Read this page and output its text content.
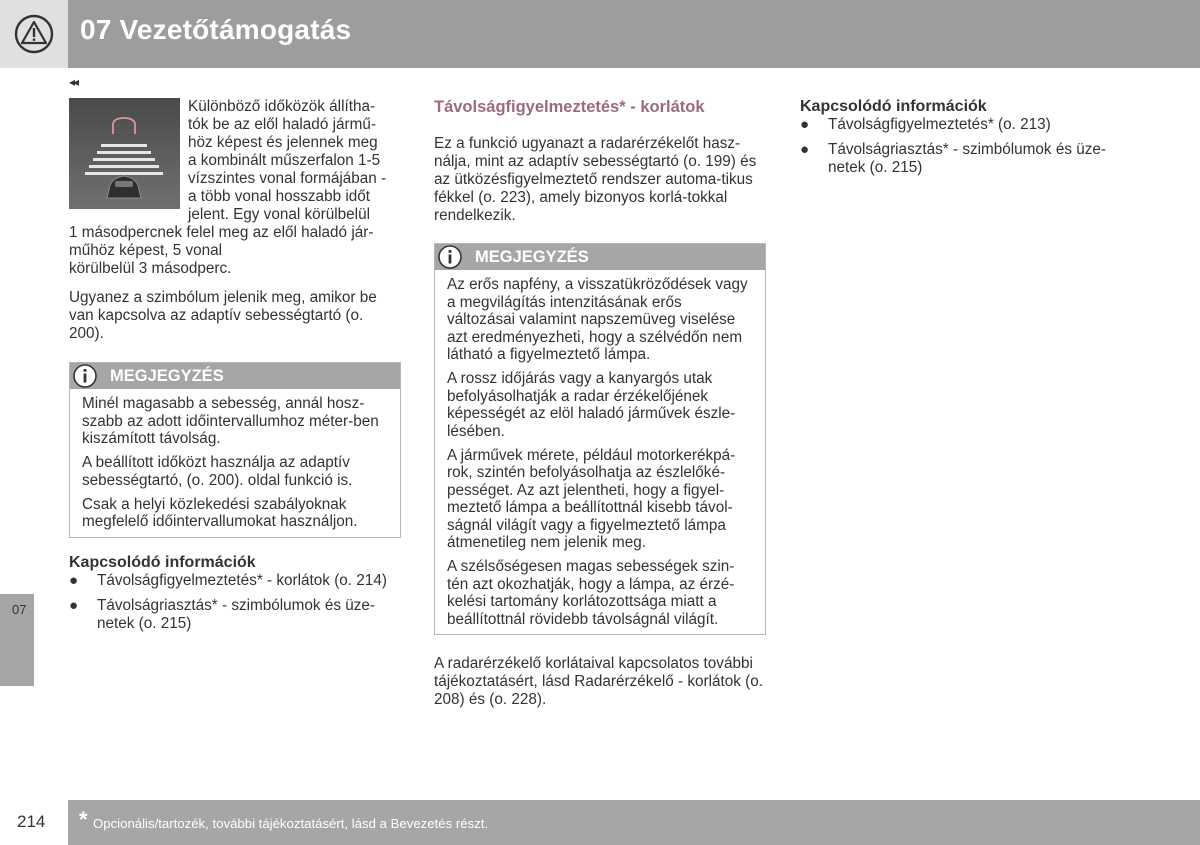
07 Vezetőtámogatás
◂◂
Különböző időközök állítha-
tók be az elől haladó jármű-
höz képest és jelennek meg
a kombinált műszerfalon 1-5
vízszintes vonal formájában -
a több vonal hosszabb időt
jelent. Egy vonal körülbelül
1 másodpercnek felel meg az elől haladó jár-
műhöz képest, 5 vonal
körülbelül 3 másodperc.

Ugyanez a szimbólum jelenik meg, amikor be van kapcsolva az adaptív sebességtartó (o. 200).

MEGJEGYZÉS

Minél magasabb a sebesség, annál hosz-szabb az adott időintervallumhoz méter-ben kiszámított távolság.

A beállított időközt használja az adaptív sebességtartó, (o. 200). oldal funkció is.

Csak a helyi közlekedési szabályoknak megfelelő időintervallumokat használjon.

Kapcsolódó információk

● Távolságfigyelmeztetés* - korlátok (o. 214)
● Távolságriasztás* - szimbólumok és üze-netek (o. 215)

Távolságfigyelmeztetés* - korlátok

Ez a funkció ugyanazt a radarérzékelőt hasz-nálja, mint az adaptív sebességtartó (o. 199) és az ütközésfigyelmeztető rendszer automa-tikus fékkel (o. 223), amely bizonyos korlá-tokkal rendelkezik.

MEGJEGYZÉS

Az erős napfény, a visszatükröződések vagy a megvilágítás intenzitásának erős változásai valamint napszemüveg viselése azt eredményezheti, hogy a szélvédőn nem látható a figyelmeztető lámpa.

A rossz időjárás vagy a kanyargós utak befolyásolhatják a radar érzékelőjének képességét az elöl haladó járművek észle-lésében.

A járművek mérete, például motorkerékpá-rok, szintén befolyásolhatja az észlelőké-pességet. Az azt jelentheti, hogy a figyel-meztető lámpa a beállítottnál kisebb távol-ságnál világít vagy a figyelmeztető lámpa átmenetileg nem jelenik meg.

A szélsőségesen magas sebességek szin-tén azt okozhatják, hogy a lámpa, az érzé-kelési tartomány korlátozottsága miatt a beállítottnál rövidebb távolságnál világít.

A radarérzékelő korlátaival kapcsolatos további tájékoztatásért, lásd Radarérzékelő - korlátok (o. 208) és (o. 228).

Kapcsolódó információk

● Távolságfigyelmeztetés* (o. 213)
● Távolságriasztás* - szimbólumok és üze-netek (o. 215)
07
214 * Opcionális/tartozék, további tájékoztatásért, lásd a Bevezetés részt.
